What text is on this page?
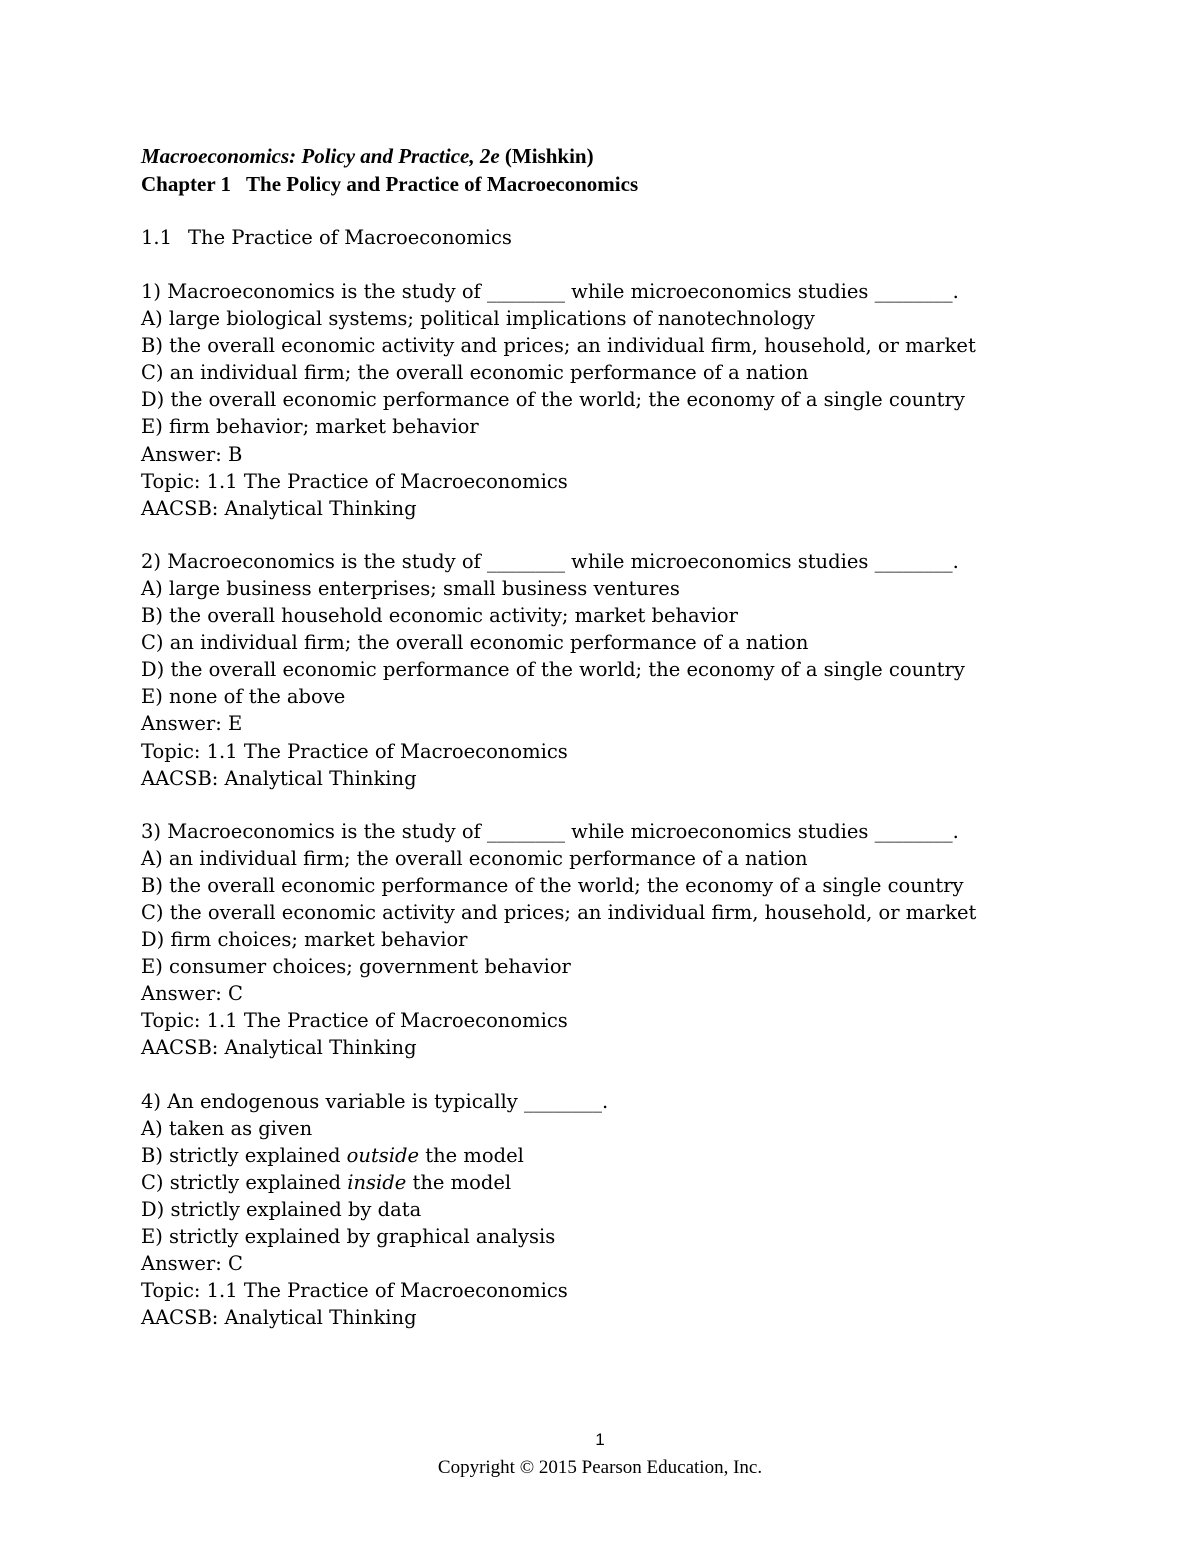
Macroeconomics: Policy and Practice, 2e (Mishkin)

Chapter 1 The Policy and Practice of Macroeconomics

1.1 The Practice of Macroeconomics

1) Macroeconomics is the study of ________ while microeconomics studies ________.

A) large biological systems; political implications of nanotechnology

B) the overall economic activity and prices; an individual firm, household, or market

C) an individual firm; the overall economic performance of a nation

D) the overall economic performance of the world; the economy of a single country

E) firm behavior; market behavior

Answer: B

Topic: 1.1 The Practice of Macroeconomics

AACSB: Analytical Thinking

2) Macroeconomics is the study of ________ while microeconomics studies ________.

A) large business enterprises; small business ventures

B) the overall household economic activity; market behavior

C) an individual firm; the overall economic performance of a nation

D) the overall economic performance of the world; the economy of a single country

E) none of the above

Answer: E

Topic: 1.1 The Practice of Macroeconomics

AACSB: Analytical Thinking

3) Macroeconomics is the study of ________ while microeconomics studies ________.

A) an individual firm; the overall economic performance of a nation

B) the overall economic performance of the world; the economy of a single country

C) the overall economic activity and prices; an individual firm, household, or market

D) firm choices; market behavior

E) consumer choices; government behavior

Answer: C

Topic: 1.1 The Practice of Macroeconomics

AACSB: Analytical Thinking

4) An endogenous variable is typically ________.

A) taken as given

B) strictly explained outside the model

C) strictly explained inside the model

D) strictly explained by data

E) strictly explained by graphical analysis

Answer: C

Topic: 1.1 The Practice of Macroeconomics

AACSB: Analytical Thinking

1
Copyright © 2015 Pearson Education, Inc.
